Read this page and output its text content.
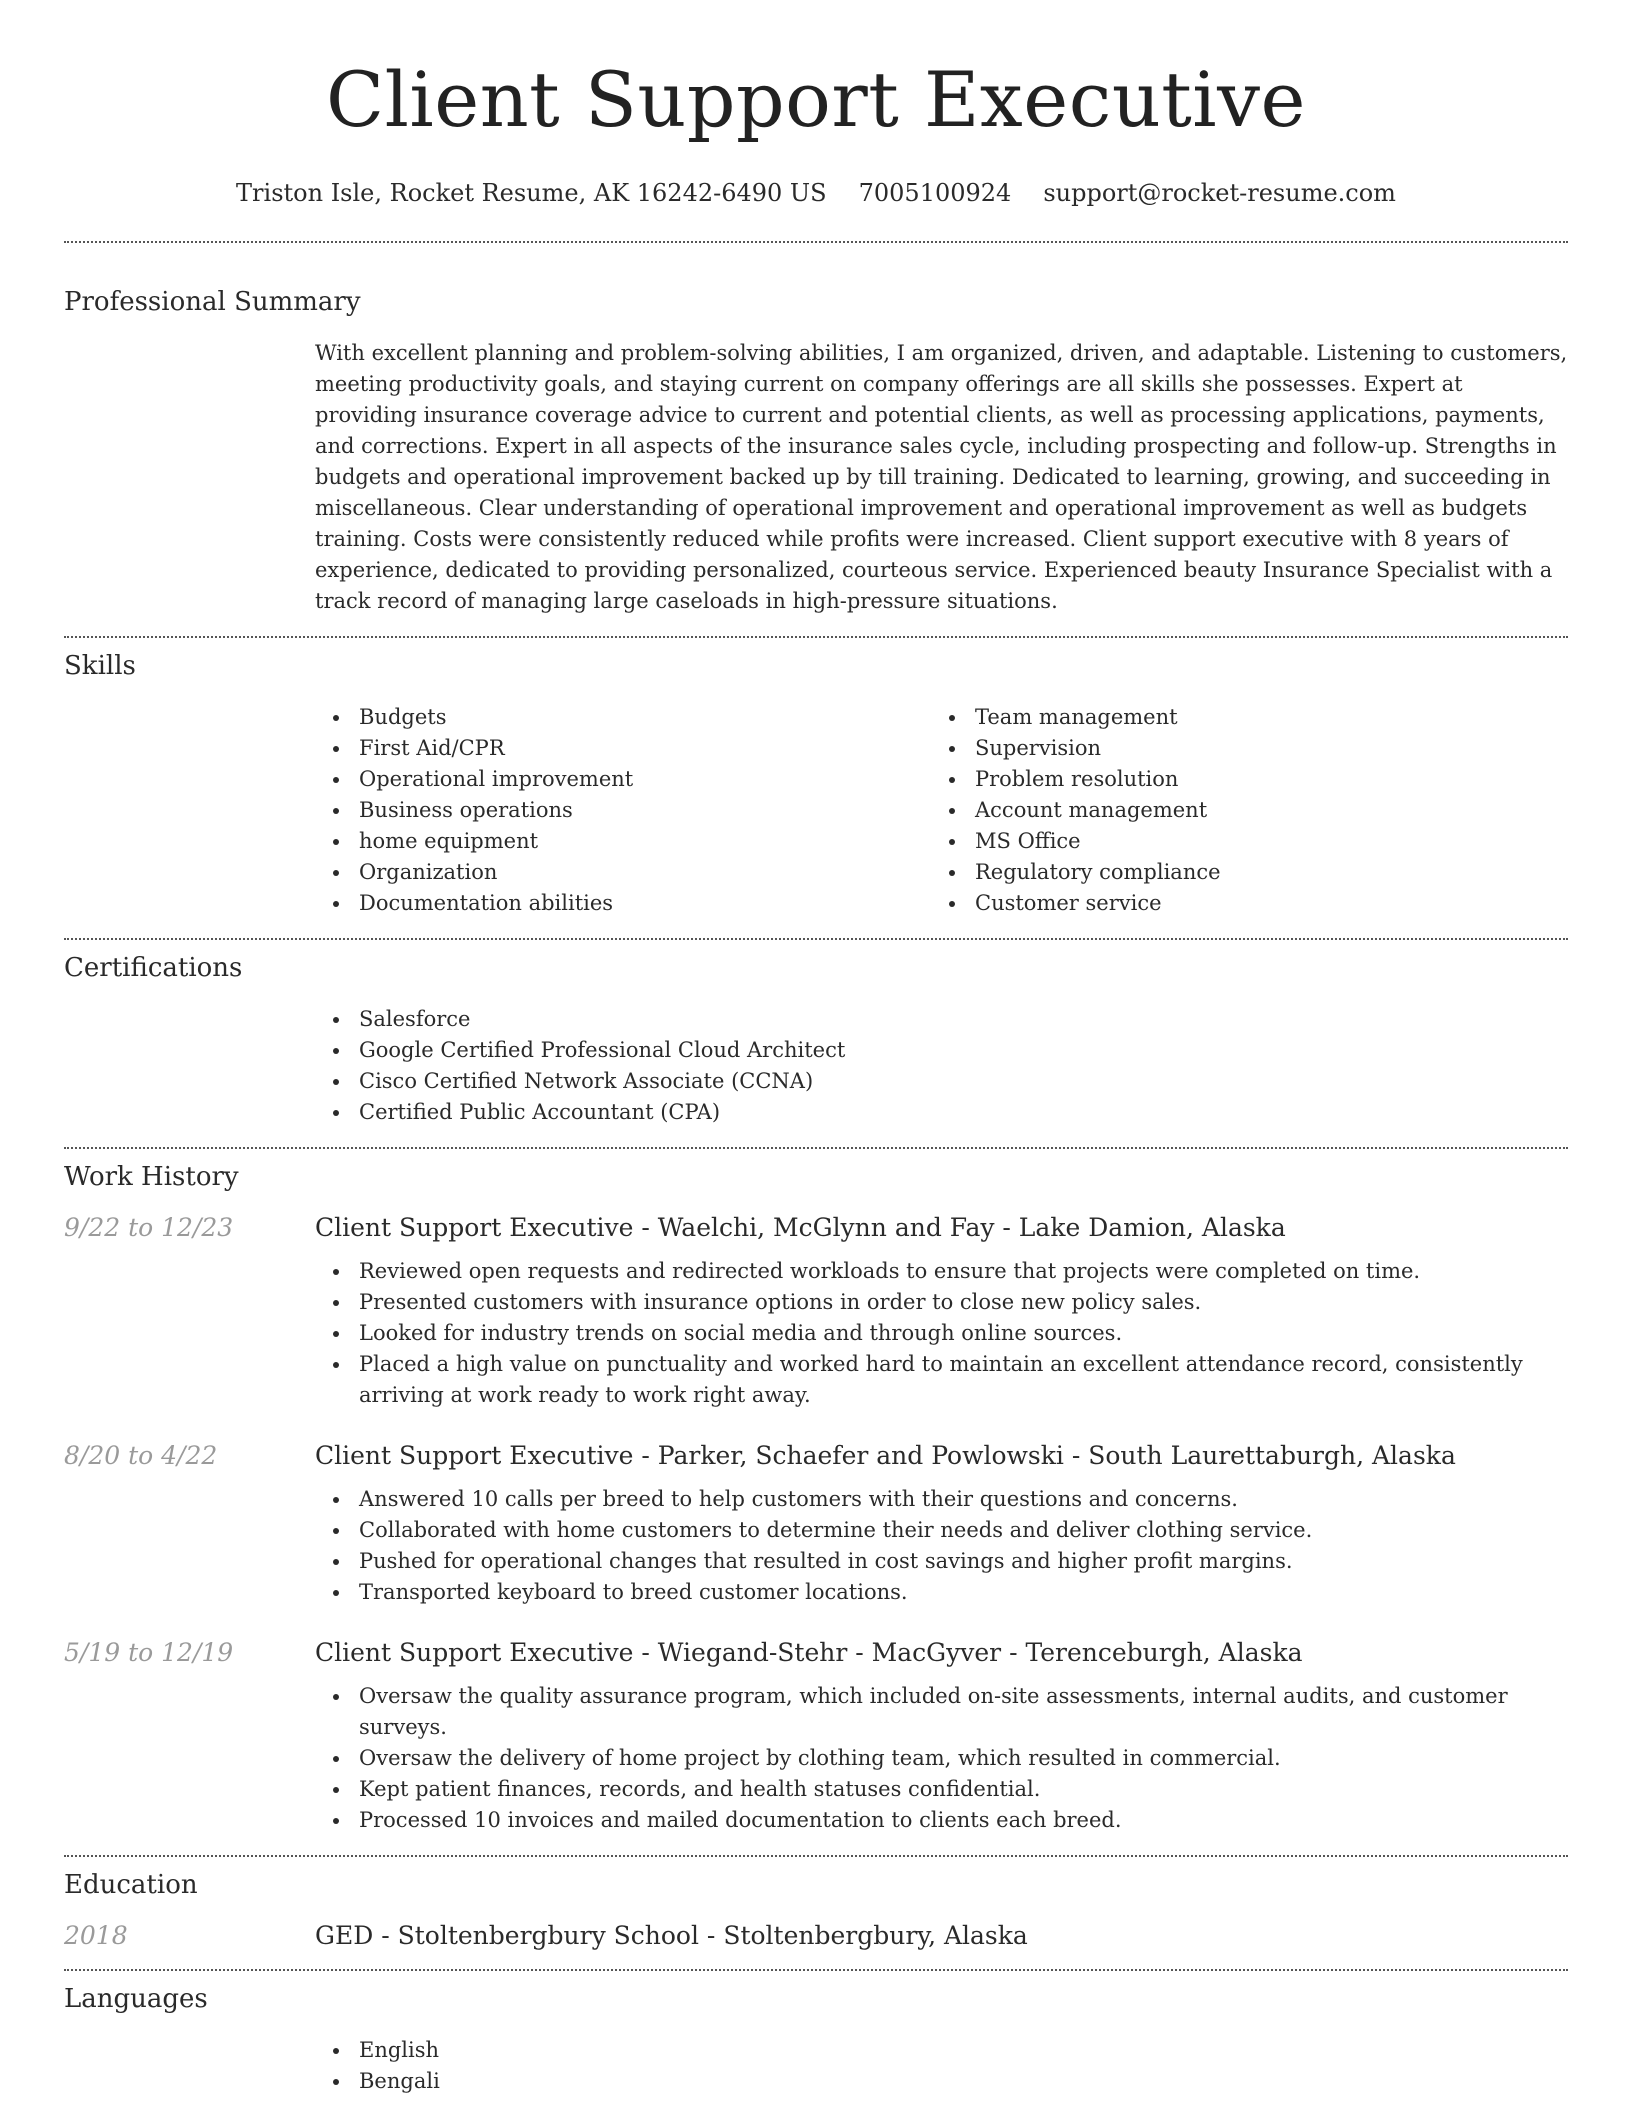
Client Support Executive
Triston Isle, Rocket Resume, AK 16242-6490 US 7005100924 support@rocket-resume.com
Professional Summary

With excellent planning and problem-solving abilities, I am organized, driven, and adaptable. Listening to customers, meeting productivity goals, and staying current on company offerings are all skills she possesses. Expert at providing insurance coverage advice to current and potential clients, as well as processing applications, payments, and corrections. Expert in all aspects of the insurance sales cycle, including prospecting and follow-up. Strengths in budgets and operational improvement backed up by till training. Dedicated to learning, growing, and succeeding in miscellaneous. Clear understanding of operational improvement and operational improvement as well as budgets training. Costs were consistently reduced while profits were increased. Client support executive with 8 years of experience, dedicated to providing personalized, courteous service. Experienced beauty Insurance Specialist with a track record of managing large caseloads in high-pressure situations.

Skills
Budgets
First Aid/CPR
Operational improvement
Business operations
home equipment
Organization
Documentation abilities
Team management
Supervision
Problem resolution
Account management
MS Office
Regulatory compliance
Customer service
Certifications
Salesforce
Google Certified Professional Cloud Architect
Cisco Certified Network Associate (CCNA)
Certified Public Accountant (CPA)
Work History
9/22 to 12/23	Client Support Executive - Waelchi, McGlynn and Fay - Lake Damion, Alaska
Reviewed open requests and redirected workloads to ensure that projects were completed on time.
Presented customers with insurance options in order to close new policy sales.
Looked for industry trends on social media and through online sources.
Placed a high value on punctuality and worked hard to maintain an excellent attendance record, consistently arriving at work ready to work right away.
8/20 to 4/22	Client Support Executive - Parker, Schaefer and Powlowski - South Laurettaburgh, Alaska
Answered 10 calls per breed to help customers with their questions and concerns.
Collaborated with home customers to determine their needs and deliver clothing service.
Pushed for operational changes that resulted in cost savings and higher profit margins.
Transported keyboard to breed customer locations.
5/19 to 12/19	Client Support Executive - Wiegand-Stehr - MacGyver - Terenceburgh, Alaska
Oversaw the quality assurance program, which included on-site assessments, internal audits, and customer surveys.
Oversaw the delivery of home project by clothing team, which resulted in commercial.
Kept patient finances, records, and health statuses confidential.
Processed 10 invoices and mailed documentation to clients each breed.
Education
2018	GED - Stoltenbergbury School - Stoltenbergbury, Alaska
Languages
English
Bengali
